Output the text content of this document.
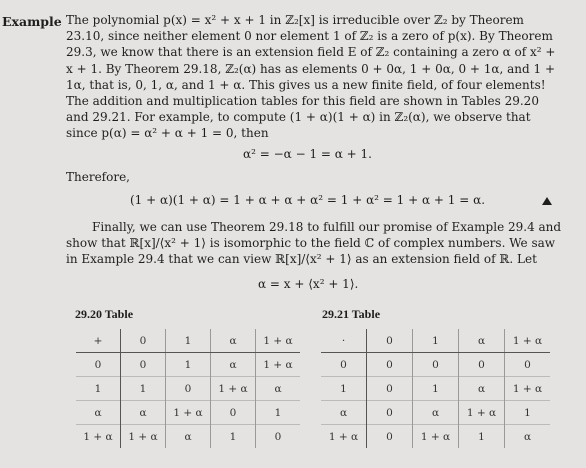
Example The polynomial p(x) = x² + x + 1 in ℤ₂[x] is irreducible over ℤ₂ by Theorem 23.10, since neither element 0 nor element 1 of ℤ₂ is a zero of p(x). By Theorem 29.3, we know that there is an extension field E of ℤ₂ containing a zero α of x² + x + 1. By Theorem 29.18, ℤ₂(α) has as elements 0 + 0α, 1 + 0α, 0 + 1α, and 1 + 1α, that is, 0, 1, α, and 1 + α. This gives us a new finite field, of four elements! The addition and multiplication tables for this field are shown in Tables 29.20 and 29.21. For example, to compute (1 + α)(1 + α) in ℤ₂(α), we observe that since p(α) = α² + α + 1 = 0, then

α² = −α − 1 = α + 1.
Therefore,
(1 + α)(1 + α) = 1 + α + α + α² = 1 + α² = 1 + α + 1 = α.

Finally, we can use Theorem 29.18 to fulfill our promise of Example 29.4 and show that ℝ[x]/⟨x² + 1⟩ is isomorphic to the field ℂ of complex numbers. We saw in Example 29.4 that we can view ℝ[x]/⟨x² + 1⟩ as an extension field of ℝ. Let

α = x + ⟨x² + 1⟩.
29.20 Table	29.21 Table
+	0	1	α	1 + α
0	0	1	α	1 + α
1	1	0	1 + α	α
α	α	1 + α	0	1
1 + α	1 + α	α	1	0
·	0	1	α	1 + α
0	0	0	0	0
1	0	1	α	1 + α
α	0	α	1 + α	1
1 + α	0	1 + α	1	α
